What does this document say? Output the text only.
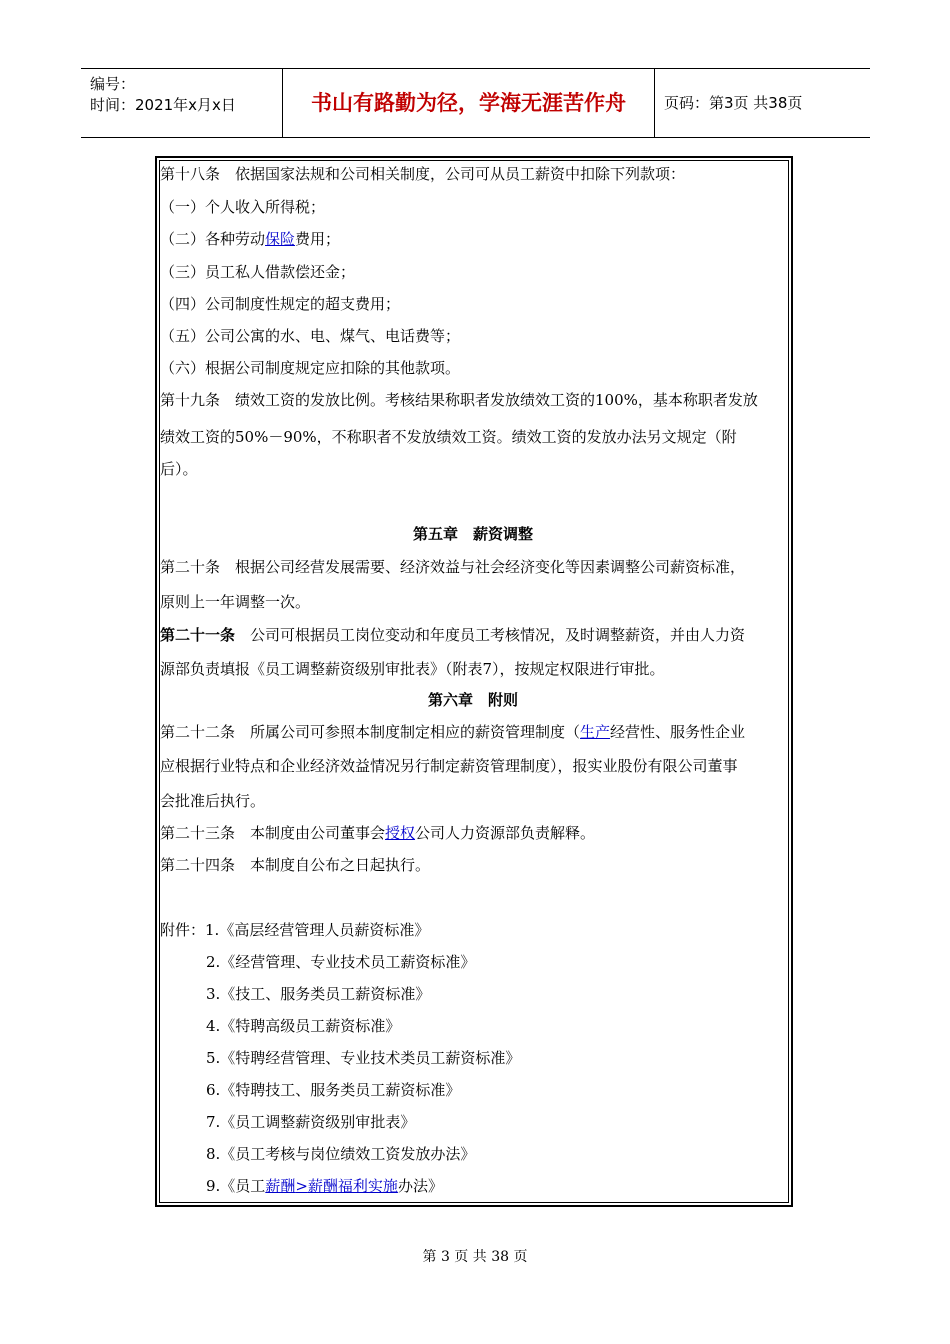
编号：
时间：2021年x月x日	书山有路勤为径，学海无涯苦作舟	页码：第3页 共38页
第十八条　依据国家法规和公司相关制度，公司可从员工薪资中扣除下列款项：
（一）个人收入所得税；
（二）各种劳动保险费用；
（三）员工私人借款偿还金；
（四）公司制度性规定的超支费用；
（五）公司公寓的水、电、煤气、电话费等；
（六）根据公司制度规定应扣除的其他款项。
第十九条　绩效工资的发放比例。考核结果称职者发放绩效工资的100%，基本称职者发放
绩效工资的50%－90%，不称职者不发放绩效工资。绩效工资的发放办法另文规定（附
后）。
第五章　薪资调整
第二十条　根据公司经营发展需要、经济效益与社会经济变化等因素调整公司薪资标准，
原则上一年调整一次。
第二十一条　公司可根据员工岗位变动和年度员工考核情况，及时调整薪资，并由人力资
源部负责填报《员工调整薪资级别审批表》（附表7），按规定权限进行审批。
第六章　附则
第二十二条　所属公司可参照本制度制定相应的薪资管理制度（生产经营性、服务性企业
应根据行业特点和企业经济效益情况另行制定薪资管理制度），报实业股份有限公司董事
会批准后执行。
第二十三条　本制度由公司董事会授权公司人力资源部负责解释。
第二十四条　本制度自公布之日起执行。
附件：1.《高层经营管理人员薪资标准》
2.《经营管理、专业技术员工薪资标准》
3.《技工、服务类员工薪资标准》
4.《特聘高级员工薪资标准》
5.《特聘经营管理、专业技术类员工薪资标准》
6.《特聘技工、服务类员工薪资标准》
7.《员工调整薪资级别审批表》
8.《员工考核与岗位绩效工资发放办法》
9.《员工薪酬>薪酬福利实施办法》
第 3 页 共 38 页
